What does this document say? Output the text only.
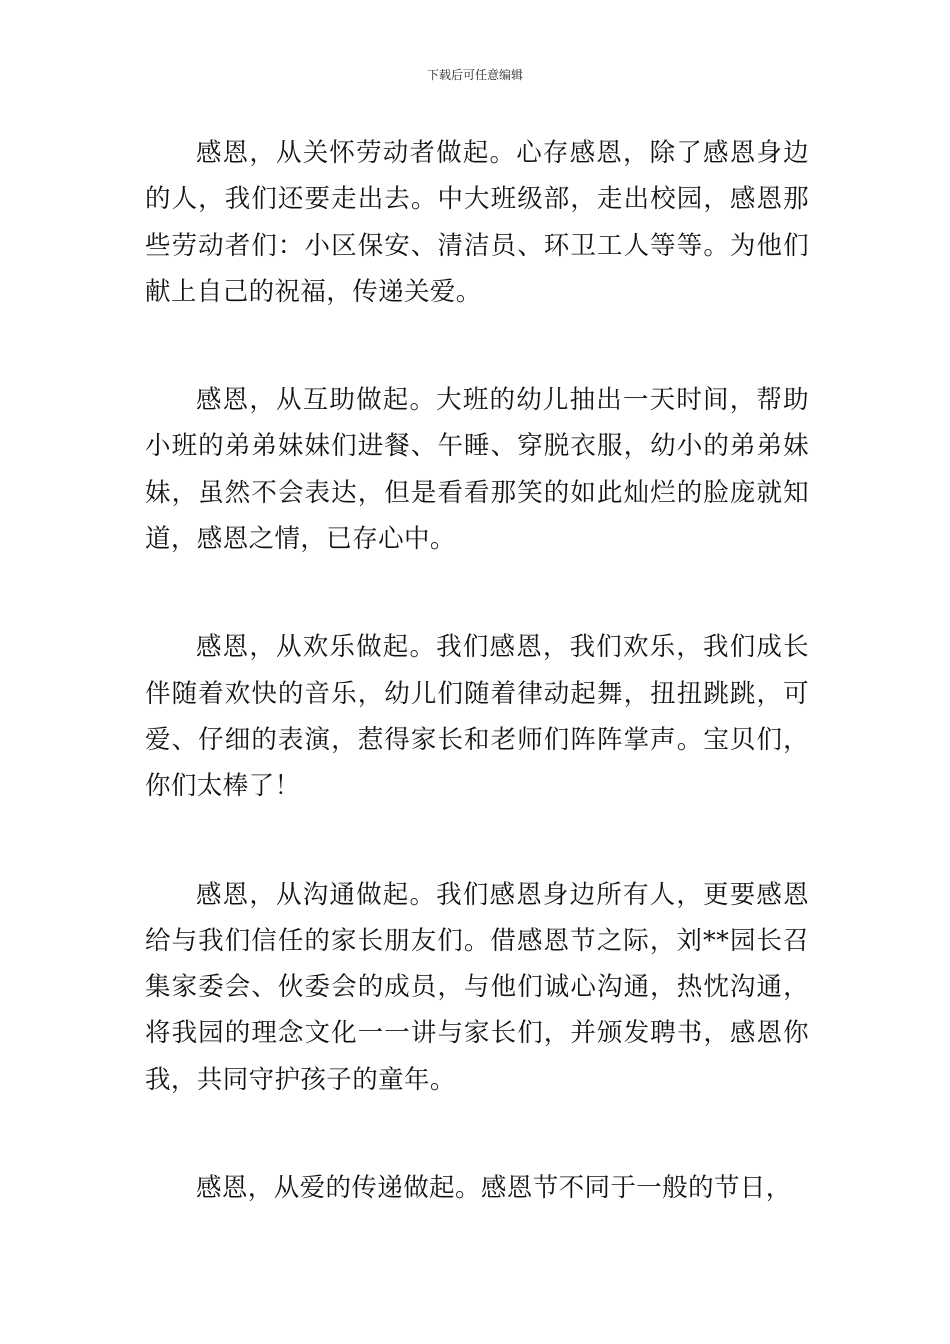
下载后可任意编辑

感恩，从关怀劳动者做起。心存感恩，除了感恩身边的人，我们还要走出去。中大班级部，走出校园，感恩那些劳动者们：小区保安、清洁员、环卫工人等等。为他们献上自己的祝福，传递关爱。

感恩，从互助做起。大班的幼儿抽出一天时间，帮助小班的弟弟妹妹们进餐、午睡、穿脱衣服，幼小的弟弟妹妹，虽然不会表达，但是看看那笑的如此灿烂的脸庞就知道，感恩之情，已存心中。

感恩，从欢乐做起。我们感恩，我们欢乐，我们成长伴随着欢快的音乐，幼儿们随着律动起舞，扭扭跳跳，可爱、仔细的表演，惹得家长和老师们阵阵掌声。宝贝们，你们太棒了！

感恩，从沟通做起。我们感恩身边所有人，更要感恩给与我们信任的家长朋友们。借感恩节之际，刘**园长召集家委会、伙委会的成员，与他们诚心沟通，热忱沟通，将我园的理念文化一一讲与家长们，并颁发聘书，感恩你我，共同守护孩子的童年。

感恩，从爱的传递做起。感恩节不同于一般的节日，
